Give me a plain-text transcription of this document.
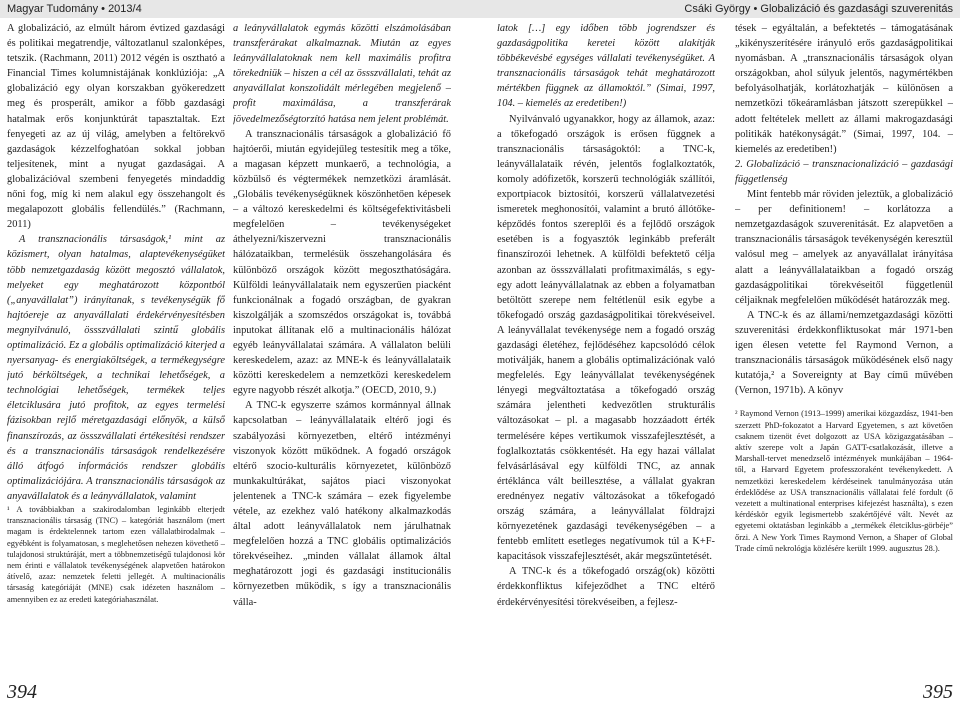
Magyar Tudomány • 2013/4	Csáki György • Globalizáció és gazdasági szuverenitás

A globalizáció, az elmúlt három évtized gazdasági és politikai megatrendje, változatlanul szalonképes, tetszik. (Rachmann, 2011) 2012 végén is osztható a Financial Times kolumnistájának konklúziója: „A globalizáció egy olyan korszakban gyökeredzett meg és prosperált, amikor a főbb gazdasági hatalmak erős konjunktúrát tapasztaltak. Ezt fenyegeti az az új világ, amelyben a feltörekvő gazdaságok kézzelfoghatóan sokkal jobban teljesítenek, mint a nyugat gazdaságai. A globalizációval szembeni fenyegetés mindaddig nőni fog, míg ki nem alakul egy összehangolt és megalapozott globális fellendülés.” (Rachmann, 2011)

A transznacionális társaságok,¹ mint az közismert, olyan hatalmas, alaptevékenységüket több nemzetgazdaság között megosztó vállalatok, melyeket egy meghatározott központból („anyavállalat”) irányítanak, s tevékenységük fő hajtóereje az anyavállalati érdekérvényesítésben megnyilvánuló, össszvállalati szintű globális optimalizáció. Ez a globális optimalizáció kiterjed a nyersanyag- és energiaköltségek, a termékegységre jutó bérköltségek, a technikai lehetőségek, a technológiai lehetőségek, termékek teljes életciklusára jutó profitok, az egyes termelési fázisokban rejlő méretgazdasági előnyök, a külső finanszírozás, az össszvállalati értékesítési rendszer és a transznacionális társaságok rendelkezésére álló átfogó információs rendszer globális optimalizációjára. A transznacionális társaságok az anyavállalatok és a leányvállalatok, valamint

¹ A továbbiakban a szakirodalomban leginkább elterjedt transznacionális társaság (TNC) – kategóriát használom (mert magam is érdektelennek tartom ezen vállalatbirodalmak – egyébként is folyamatosan, s meglehetősen nehezen követhető – tulajdonosi struktúráját, mert a többnemzetiségű tulajdonosi kör nem érinti e vállalatok tevékenységének alapvetően határokon átívelő, azaz: nemzetek feletti jellegét. A multinacionális társaság kategóriáját (MNE) csak idézeten használom – amennyiben ez az eredeti kategóriahasználat.

a leányvállalatok egymás közötti elszámolásában transzferárakat alkalmaznak. Miután az egyes leányvállalatoknak nem kell maximális profitra törekedniük – hiszen a cél az össszvállalati, tehát az anyavállalat konszolidált mérlegében megjelenő – profit maximálása, a transzferárak jövedelmezőségtorzító hatása nem jelent problémát.

A transznacionális társaságok a globalizáció fő hajtóerői, miután egyidejűleg testesítik meg a tőke, a magasan képzett munkaerő, a technológia, a közbülső és végtermékek nemzetközi áramlását. „Globális tevékenységüknek köszönhetően képesek – a változó kereskedelmi és költségefektivitásbeli megfelelően – tevékenységeket áthelyezni/kiszervezni transznacionális hálózataikban, termelésük összehangolására és különböző országok között megoszthatóságára. Külföldi leányvállalataik nem egyszerűen piacként funkcionálnak a fogadó országban, de gyakran kiszolgálják a szomszédos országokat is, továbbá inputokat állítanak elő a multinacionális hálózat egyéb leányvállalatai számára. A vállalaton belüli kereskedelem, azaz: az MNE-k és leányvállalataik közötti kereskedelem a nemzetközi kereskedelem egyre nagyobb részét alkotja.” (OECD, 2010, 9.)

A TNC-k egyszerre számos kormánnyal állnak kapcsolatban – leányvállalataik eltérő jogi és szabályozási környezetben, eltérő intézményi viszonyok között működnek. A fogadó országok eltérő szocio-kulturális környezetet, különböző munkakultúrákat, sajátos piaci viszonyokat jelentenek a TNC-k számára – ezek figyelembe vétele, az ezekhez való hatékony alkalmazkodás által adott leányvállalatok nem járulhatnak megfelelően hozzá a TNC globális optimalizációs törekvéseihez. „minden vállalat államok által meghatározott jogi és gazdasági institucionális környezetben működik, s így a transznacionális válla-

latok […] egy időben több jogrendszer és gazdaságpolitika keretei között alakítják többékevésbé egységes vállalati tevékenységüket. A transznacionális társaságok tehát meghatározott mértékben függnek az államoktól.” (Simai, 1997, 104. – kiemelés az eredetiben!)

Nyilvánvaló ugyanakkor, hogy az államok, azaz: a tőkefogadó országok is erősen függnek a transznacionális társaságoktól: a TNC-k, leányvállalataik révén, jelentős foglalkoztatók, komoly adófizetők, korszerű technológiák szállítói, exportpiacok biztosítói, korszerű vállalatvezetési ismeretek meghonosítói, valamint a brutó állótőke-képződés fontos szereplői és a fejlődő országok esetében is a fogyasztók leginkább preferált finanszírozói lehetnek. A külföldi befektető célja azonban az össszvállalati profitmaximálás, s egy-egy adott leányvállalatnak az ebben a folyamatban betöltött szerepe nem feltétlenül esik egybe a tőkefogadó ország gazdaságpolitikai törekvéseivel. A leányvállalat tevékenysége nem a fogadó ország gazdasági életéhez, fejlődéséhez kapcsolódó célok motiválják, hanem a globális optimalizációnak való megfelelés. Egy leányvállalat tevékenységének lényegi megváltoztatása a tőkefogadó ország számára jelentheti kedvezőtlen strukturális változásokat – pl. a magasabb hozzáadott érték termelésére képes vertikumok visszafejlesztését, a foglalkoztatás csökkentését. Ha egy hazai vállalat felvásárlásával egy külföldi TNC, az annak értéklánca vált beillesztése, a vállalat gyakran erednényez negatív változásokat a tőkefogadó ország számára, a leányvállalat földrajzi környezetének gazdasági tevékenységében – a fentebb említett esetleges negatívumok túl a K+F-kapacitások visszafejlesztését, akár megszűntetését.

A TNC-k és a tőkefogadó ország(ok) közötti érdekkonfliktus kifejeződhet a TNC eltérő érdekérvényesítési törekvéseiben, a fejlesz-

tések – egyáltalán, a befektetés – támogatásának „kikényszerítésére irányuló erős gazdaságpolitikai nyomásban. A „transznacionális társaságok olyan országokban, ahol súlyuk jelentős, nagymértékben befolyásolhatják, korlátozhatják – különösen a nemzetközi tőkeáramlásban játszott szerepükkel – adott feltételek mellett az állami makrogazdasági politikák hatékonyságát.” (Simai, 1997, 104. – kiemelés az eredetiben!)

2. Globalizáció – transznacionalizáció – gazdasági függetlenség

Mint fentebb már röviden jeleztük, a globalizáció – per definitionem! – korlátozza a nemzetgazdaságok szuverenitását. Ez alapvetően a transznacionális társaságok tevékenységén keresztül valósul meg – amelyek az anyavállalat irányítása alatt a leányvállalataikban a fogadó ország gazdaságpolitikai törekvéseitől függetlenül céljaiknak megfelelően működését határozzák meg.

A TNC-k és az állami/nemzetgazdasági közötti szuverenitási érdekkonfliktusokat már 1971-ben igen élesen vetette fel Raymond Vernon, a transznacionális társaságok működésének első nagy kutatója,² a Sovereignty at Bay című művében (Vernon, 1971b). A könyv

² Raymond Vernon (1913–1999) amerikai közgazdász, 1941-ben szerzett PhD-fokozatot a Harvard Egyetemen, s azt követően csaknem tizenöt évet dolgozott az USA közigazgatásában – aktív szerepe volt a Japán GATT-csatlakozását, illetve a Marshall-tervet menedzselő intézmények munkájában – 1964-től, a Harvard Egyetem professzoraként tevékenykedett. A nemzetközi kereskedelem kérdéseinek tanulmányozása után érdeklődése az USA transznacionális vállalatai felé fordult (ő vezetett a multinational enterprises kifejezést használta), s ezen kérdéskör egyik legismertebb szakértőjévé vált. Nevét az egyetemi oktatásban leginkább a „termékek életciklus-görbéje” őrzi. A New York Times Raymond Vernon, a Shaper of Global Trade című nekrológja közlésére került 1999. augusztus 28.).

394	395
